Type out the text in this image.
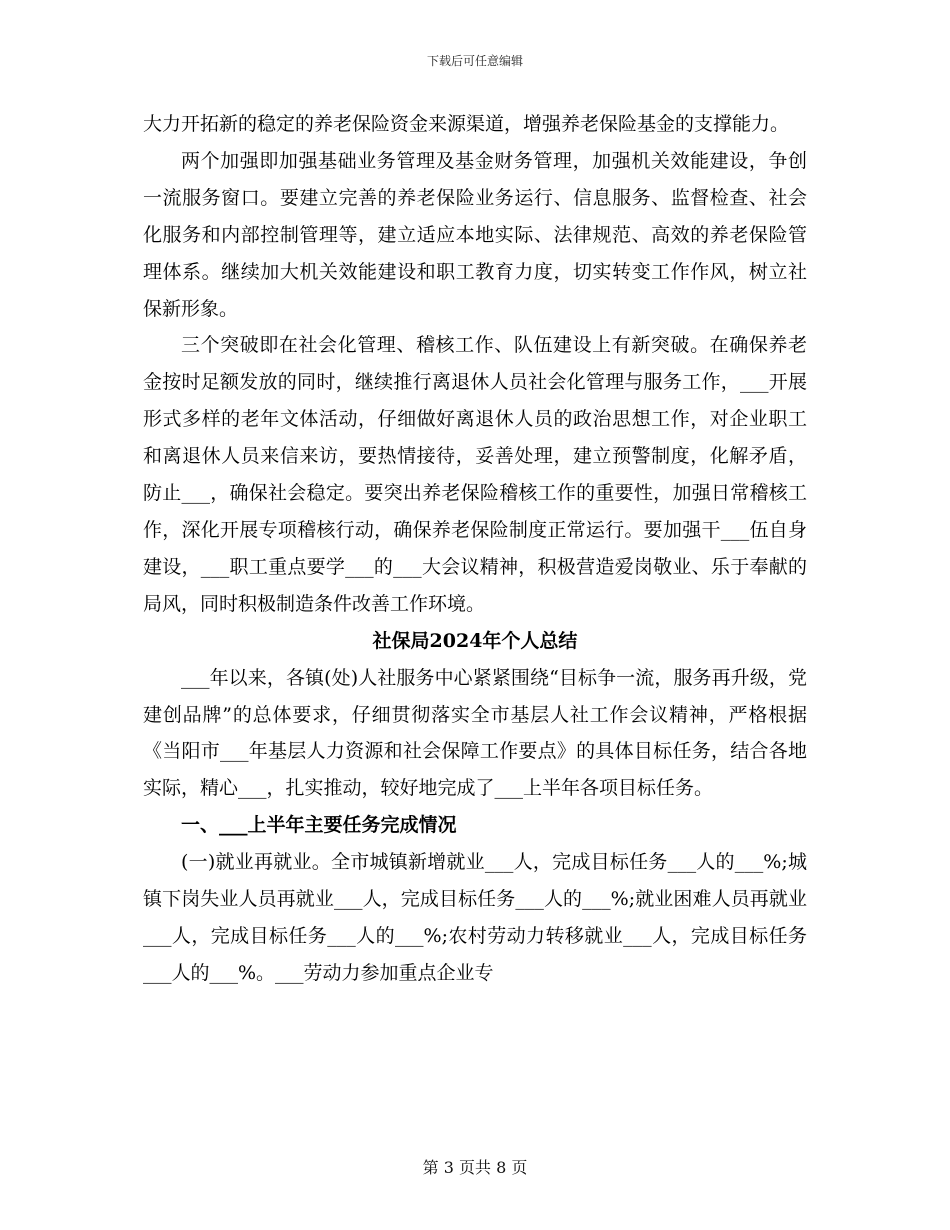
下载后可任意编辑

大力开拓新的稳定的养老保险资金来源渠道，增强养老保险基金的支撑能力。

两个加强即加强基础业务管理及基金财务管理，加强机关效能建设，争创一流服务窗口。要建立完善的养老保险业务运行、信息服务、监督检查、社会化服务和内部控制管理等，建立适应本地实际、法律规范、高效的养老保险管理体系。继续加大机关效能建设和职工教育力度，切实转变工作作风，树立社保新形象。

三个突破即在社会化管理、稽核工作、队伍建设上有新突破。在确保养老金按时足额发放的同时，继续推行离退休人员社会化管理与服务工作，___开展形式多样的老年文体活动，仔细做好离退休人员的政治思想工作，对企业职工和离退休人员来信来访，要热情接待，妥善处理，建立预警制度，化解矛盾，防止___，确保社会稳定。要突出养老保险稽核工作的重要性，加强日常稽核工作，深化开展专项稽核行动，确保养老保险制度正常运行。要加强干___伍自身建设，___职工重点要学___的___大会议精神，积极营造爱岗敬业、乐于奉献的局风，同时积极制造条件改善工作环境。

社保局2024年个人总结

___年以来，各镇(处)人社服务中心紧紧围绕“目标争一流，服务再升级，党建创品牌”的总体要求，仔细贯彻落实全市基层人社工作会议精神，严格根据《当阳市___年基层人力资源和社会保障工作要点》的具体目标任务，结合各地实际，精心___，扎实推动，较好地完成了___上半年各项目标任务。

一、___上半年主要任务完成情况

(一)就业再就业。全市城镇新增就业___人，完成目标任务___人的___%;城镇下岗失业人员再就业___人，完成目标任务___人的___%;就业困难人员再就业___人，完成目标任务___人的___%;农村劳动力转移就业___人，完成目标任务___人的___%。___劳动力参加重点企业专

第 3 页共 8 页
